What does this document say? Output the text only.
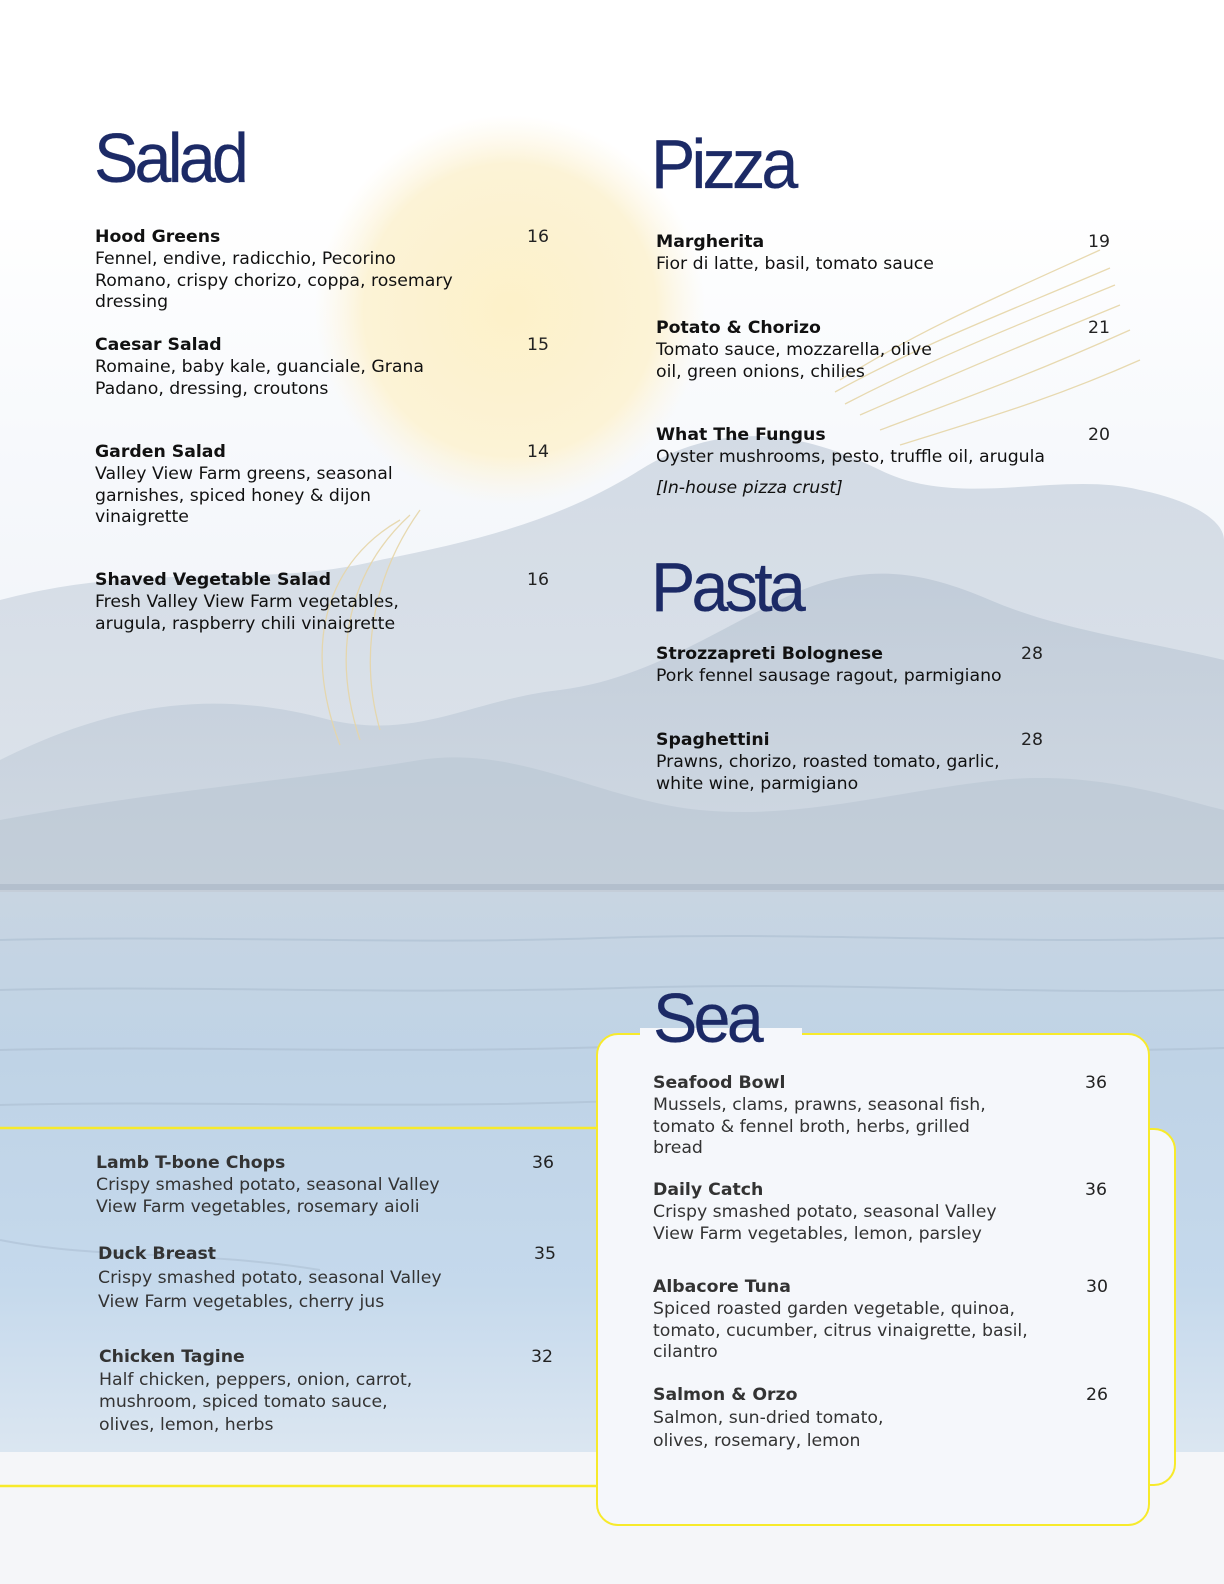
Salad
Hood Greens
Fennel, endive, radicchio, Pecorino Romano, crispy chorizo, coppa, rosemary dressing
16
Caesar Salad
Romaine, baby kale, guanciale, Grana Padano, dressing, croutons
15
Garden Salad
Valley View Farm greens, seasonal garnishes, spiced honey & dijon vinaigrette
14
Shaved Vegetable Salad
Fresh Valley View Farm vegetables, arugula, raspberry chili vinaigrette
16
Pizza
Margherita
Fior di latte, basil, tomato sauce
19
Potato & Chorizo
Tomato sauce, mozzarella, olive oil, green onions, chilies
21
What The Fungus
Oyster mushrooms, pesto, truffle oil, arugula
[In-house pizza crust]
20
Pasta
Strozzapreti Bolognese
Pork fennel sausage ragout, parmigiano
28
Spaghettini
Prawns, chorizo, roasted tomato, garlic, white wine, parmigiano
28
Lamb T-bone Chops
Crispy smashed potato, seasonal Valley View Farm vegetables, rosemary aioli
36
Duck Breast
Crispy smashed potato, seasonal Valley View Farm vegetables, cherry jus
35
Chicken Tagine
Half chicken, peppers, onion, carrot, mushroom, spiced tomato sauce, olives, lemon, herbs
32
Sea
Seafood Bowl
Mussels, clams, prawns, seasonal fish, tomato & fennel broth, herbs, grilled bread
36
Daily Catch
Crispy smashed potato, seasonal Valley View Farm vegetables, lemon, parsley
36
Albacore Tuna
Spiced roasted garden vegetable, quinoa, tomato, cucumber, citrus vinaigrette, basil, cilantro
30
Salmon & Orzo
Salmon, sun-dried tomato, olives, rosemary, lemon
26
